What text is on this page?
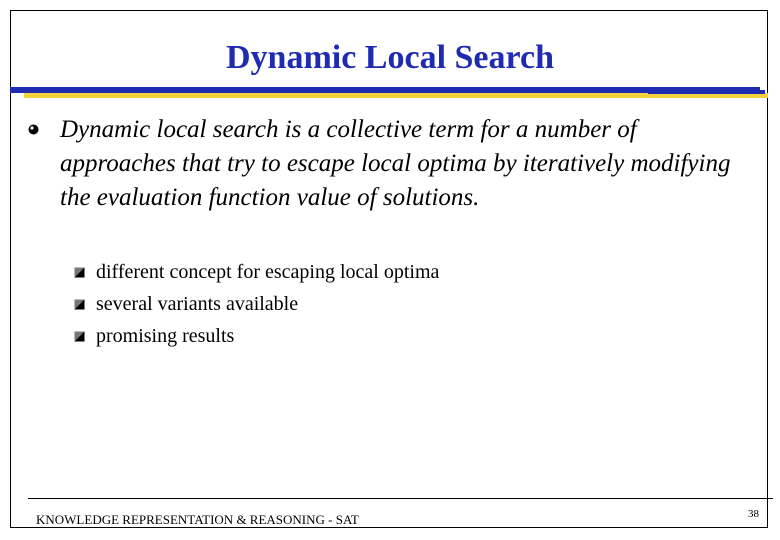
Dynamic Local Search
Dynamic local search is a collective term for a number of approaches that try to escape local optima by iteratively modifying the evaluation function value of solutions.
different concept for escaping local optima
several variants available
promising results
KNOWLEDGE REPRESENTATION & REASONING - SAT	38
